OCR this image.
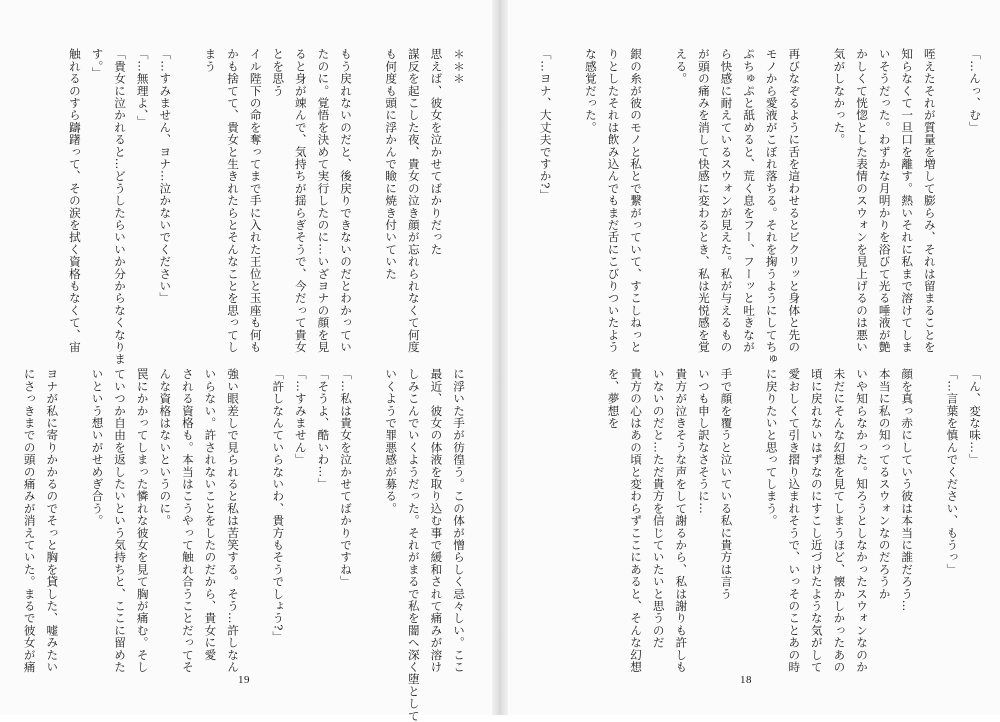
＊＊＊

思えば、彼女を泣かせてばかりだった

謀反を起こした夜、貴女の泣き顔が忘れられなくて何度

も何度も頭に浮かんで瞼に焼き付いていた

もう戻れないのだと、後戻りできないのだとわかってい

たのに。覚悟を決めて実行したのに…いざヨナの顔を見

ると身が竦んで、気持ちが揺らぎそうで、今だって貴女

とを思う

イル陛下の命を奪ってまで手に入れた王位と玉座も何も

かも捨てて、貴女と生きれたらとそんなことを思ってし

まう

「…すみません、ヨナ…泣かないでください」

「…無理よ、」

「貴女に泣かれると…どうしたらいいか分からなくなりま

す。」

触れるのすら躊躇って、その涙を拭く資格もなくて、宙

に浮いた手が彷徨う。この体が憎らしく忌々しい。ここ

最近、彼女の体液を取り込む事で緩和されて痛みが溶け

しみこんでいくようだった。それがまるで私を闇へ深く堕として

いくようで罪悪感が募る。

「…私は貴女を泣かせてばかりですね」

「そうよ、酷いわ…」

「…すみません」

「許しなんていらないわ、貴方もそうでしょう?」

強い眼差しで見られると私は苦笑する。そう…許しなん

いらない。許されないことをしたのだから、貴女に愛

される資格も。本当はこうやって触れ合うことだってそ

んな資格はないというのに。

罠にかかってしまった憐れな彼女を見て胸が痛む。そし

ていつか自由を返したいという気持ちと、ここに留めた

いという想いがせめぎ合う。

ヨナが私に寄りかかるのでそっと胸を貸した、嘘みたい

にさっきまでの頭の痛みが消えていた。まるで彼女が痛

19

「…んっ、む」

咥えたそれが質量を増して膨らみ、それは留まることを

知らなくて一旦口を離す。熱いそれに私まで溶けてしま

いそうだった。わずかな月明かりを浴びて光る唾液が艶

かしくて恍惚とした表情のスウォンを見上げるのは悪い

気がしなかった。

再びなぞるように舌を這わせるとビクリッと身体と先の

モノから愛液がこぼれ落ちる。それを掬うようにしてちゅ

ぷちゅぷと舐めると、荒く息をフー、フーッと吐きなが

ら快感に耐えているスウォンが見えた。私が与えるもの

が頭の痛みを消して快感に変わるとき、私は光悦感を覚

える。

銀の糸が彼のモノと私とで繋がっていて、すこしねっと

りとしたそれは飲み込んでもまだ舌にこびりついたよう

な感覚だった。

「…ヨナ、大丈夫ですか?」

「ん、変な味…」

「…言葉を慎んでください、もうっ」

顔を真っ赤にしていう彼は本当に誰だろう…

本当に私の知ってるスウォンなのだろうか

いや知らなかった。知ろうとしなかったスウォンなのか

未だにそんな幻想を見てしまうほど、懐かしかったあの

頃に戻れないはずなのにすこし近づけたような気がして

愛おしくて引き摺り込まれそうで、いっそのことあの時

に戻りたいと思ってしまう。

手で顔を覆うと泣いている私に貴方は言う

いつも申し訳なさそうに…

貴方が泣きそうな声をして謝るから、私は謝りも許しも

いないのだと…ただ貴方を信じていたいと思うのだ

貴方の心はあの頃と変わらずここにあると、そんな幻想

を、夢想を

18
